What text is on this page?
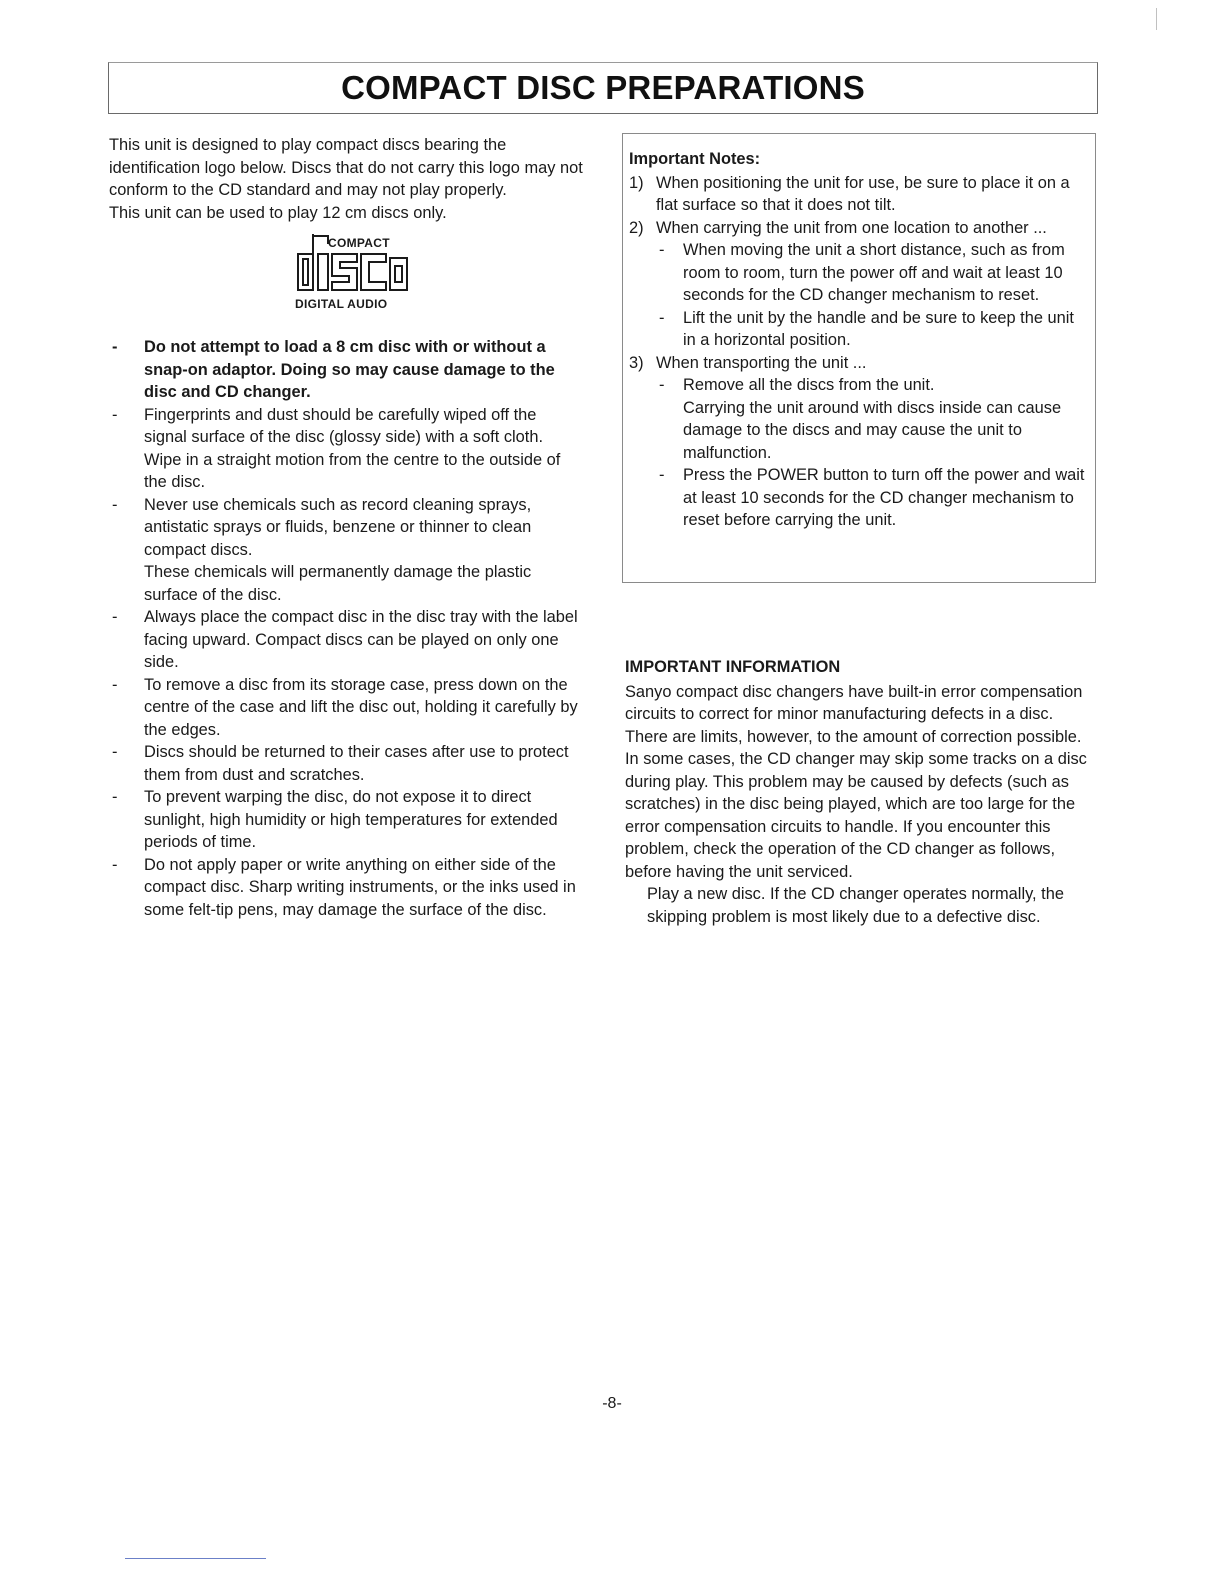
COMPACT DISC PREPARATIONS

This unit is designed to play compact discs bearing the identification logo below. Discs that do not carry this logo may not conform to the CD standard and may not play properly.

This unit can be used to play 12 cm discs only.

COMPACT
DIGITAL AUDIO
- Do not attempt to load a 8 cm disc with or without a snap-on adaptor. Doing so may cause damage to the disc and CD changer.

- Fingerprints and dust should be carefully wiped off the signal surface of the disc (glossy side) with a soft cloth.

Wipe in a straight motion from the centre to the outside of the disc.

- Never use chemicals such as record cleaning sprays, antistatic sprays or fluids, benzene or thinner to clean compact discs.

These chemicals will permanently damage the plastic surface of the disc.

- Always place the compact disc in the disc tray with the label facing upward. Compact discs can be played on only one side.
- To remove a disc from its storage case, press down on the centre of the case and lift the disc out, holding it carefully by the edges.
- Discs should be returned to their cases after use to protect them from dust and scratches.
- To prevent warping the disc, do not expose it to direct sunlight, high humidity or high temperatures for extended periods of time.
- Do not apply paper or write anything on either side of the compact disc. Sharp writing instruments, or the inks used in some felt-tip pens, may damage the surface of the disc.
Important Notes:
1) When positioning the unit for use, be sure to place it on a flat surface so that it does not tilt.
2) When carrying the unit from one location to another ...

- When moving the unit a short distance, such as from room to room, turn the power off and wait at least 10 seconds for the CD changer mechanism to reset.
- Lift the unit by the handle and be sure to keep the unit in a horizontal position.
3) When transporting the unit ...

- Remove all the discs from the unit.

Carrying the unit around with discs inside can cause damage to the discs and may cause the unit to malfunction.

- Press the POWER button to turn off the power and wait at least 10 seconds for the CD changer mechanism to reset before carrying the unit.
IMPORTANT INFORMATION

Sanyo compact disc changers have built-in error compensation circuits to correct for minor manufacturing defects in a disc. There are limits, however, to the amount of correction possible.

In some cases, the CD changer may skip some tracks on a disc during play. This problem may be caused by defects (such as scratches) in the disc being played, which are too large for the error compensation circuits to handle. If you encounter this problem, check the operation of the CD changer as follows, before having the unit serviced.

Play a new disc. If the CD changer operates normally, the skipping problem is most likely due to a defective disc.

-8-
